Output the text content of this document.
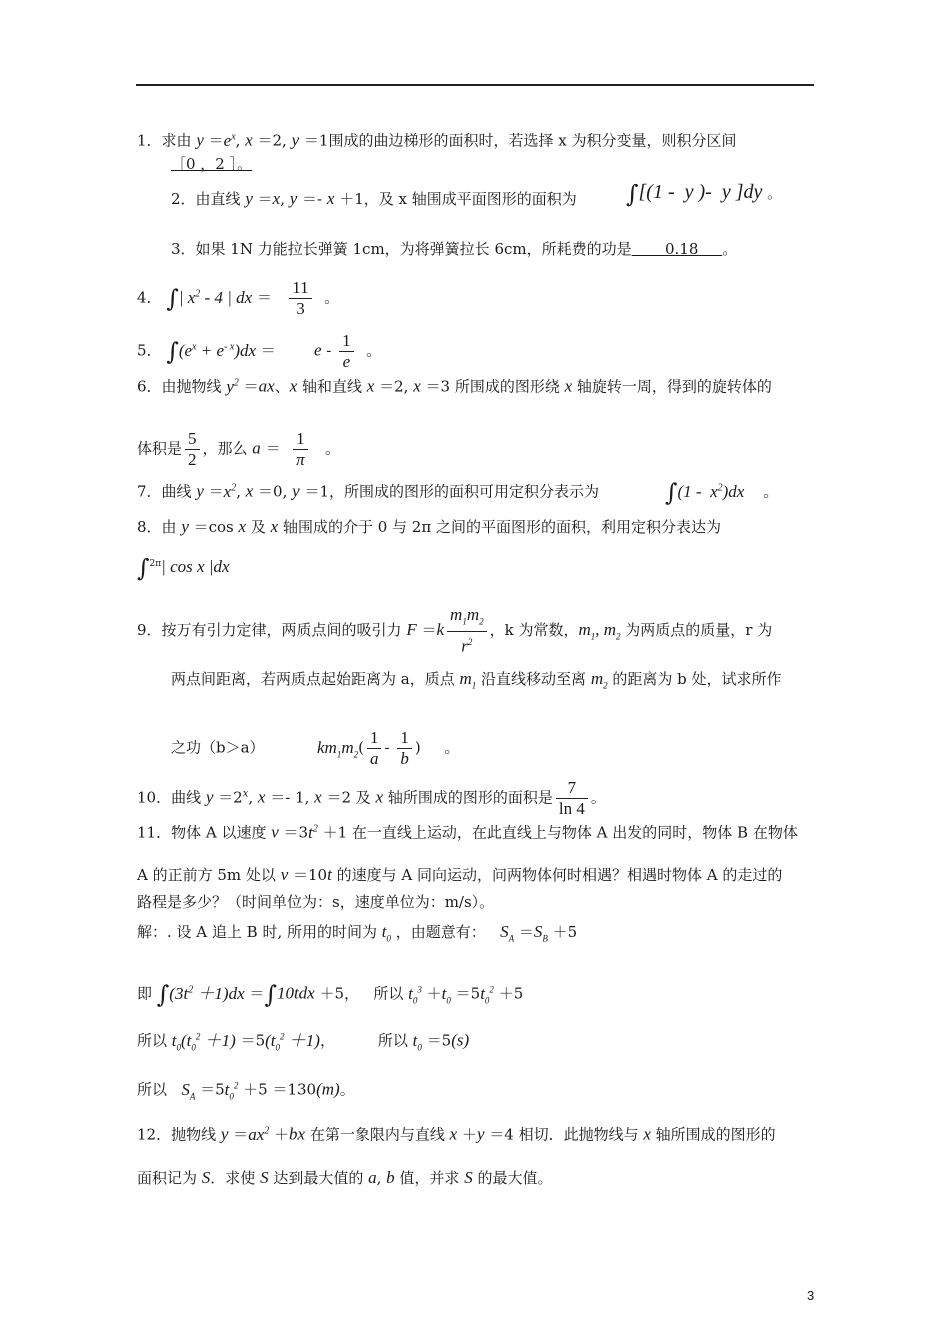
1．求由 $y =e^x$, x ＝2, y ＝1围成的曲边梯形的面积时，若选择 x 为积分变量，则积分区间
［0 ，2 ］。
2．由直线 y ＝x, y ＝- x ＋1，及 x 轴围成平面图形的面积为 ∫[(1 -  y )-  y ]dy 。
3．如果 1N 力能拉长弹簧 1cm，为将弹簧拉长 6cm，所耗费的功是       0.18     。
4． ∫| $x^2 - 4$ | dx ＝ $\frac{11}{3}$ 。
5． $\int(e^x + e^{- x})dx$ ＝        e - $\frac{1}{e}$ 。
6．由抛物线 $y^2 =ax$、x 轴和直线 x ＝2, x ＝3 所围成的图形绕 x 轴旋转一周，得到的旋转体的
体积是 $\frac{5}{2}$ ，那么 $a = \frac{1}{\pi}$ 。
7．曲线 $y =x^2$, x ＝0, y ＝1，所围成的图形的面积可用定积分表示为	$\int(1 - x^2)dx$    。
8．由 y ＝cos x 及 x 轴围成的介于 0 与 2π 之间的平面图形的面积，利用定积分表达为
∫$^{2\pi}$| cos x |dx
9．按万有引力定律，两质点间的吸引力 $F =k \frac{m_1m_2}{r^2}$ ，k 为常数，$m_1$, $m_2$ 为两质点的质量，r 为
两点间距离，若两质点起始距离为 a，质点 $m_1$ 沿直线移动至离 $m_2$ 的距离为 b 处，试求所作
之功（b＞a）           $km_1m_2( \frac{1}{a} - \frac{1}{b}$ )     。
10．曲线 $y =2^x$, x ＝- 1, x ＝2 及 x 轴所围成的图形的面积是 $\frac{7}{\ln 4}$ 。
11．物体 A 以速度 $v =3t^2 +1$ 在一直线上运动，在此直线上与物体 A 出发的同时，物体 B 在物体
A 的正前方 5m 处以 v ＝10t 的速度与 A 同向运动，问两物体何时相遇？相遇时物体 A 的走过的
路程是多少？（时间单位为：s，速度单位为：m/s）。
解：. 设 A 追上 B 时, 所用的时间为 $t_0$ ，由题意有：   $S_A =S_B +5$
即 $\int(3t^2 +1)dx =\int 10tdx +5$，   所以 $t_0^3 +t_0 =5t_0^2 +5$
所以 $t_0(t_0^2 +1) =5(t_0^2 +1)$，         所以 $t_0 =5(s)$
所以   $S_A =5t_0^2 +5 =130(m)$。
12．抛物线 $y =ax^2 +bx$ 在第一象限内与直线 x ＋y ＝4 相切．此抛物线与 x 轴所围成的图形的
面积记为 S．求使 S 达到最大值的 a, b 值，并求 S 的最大值。
3
